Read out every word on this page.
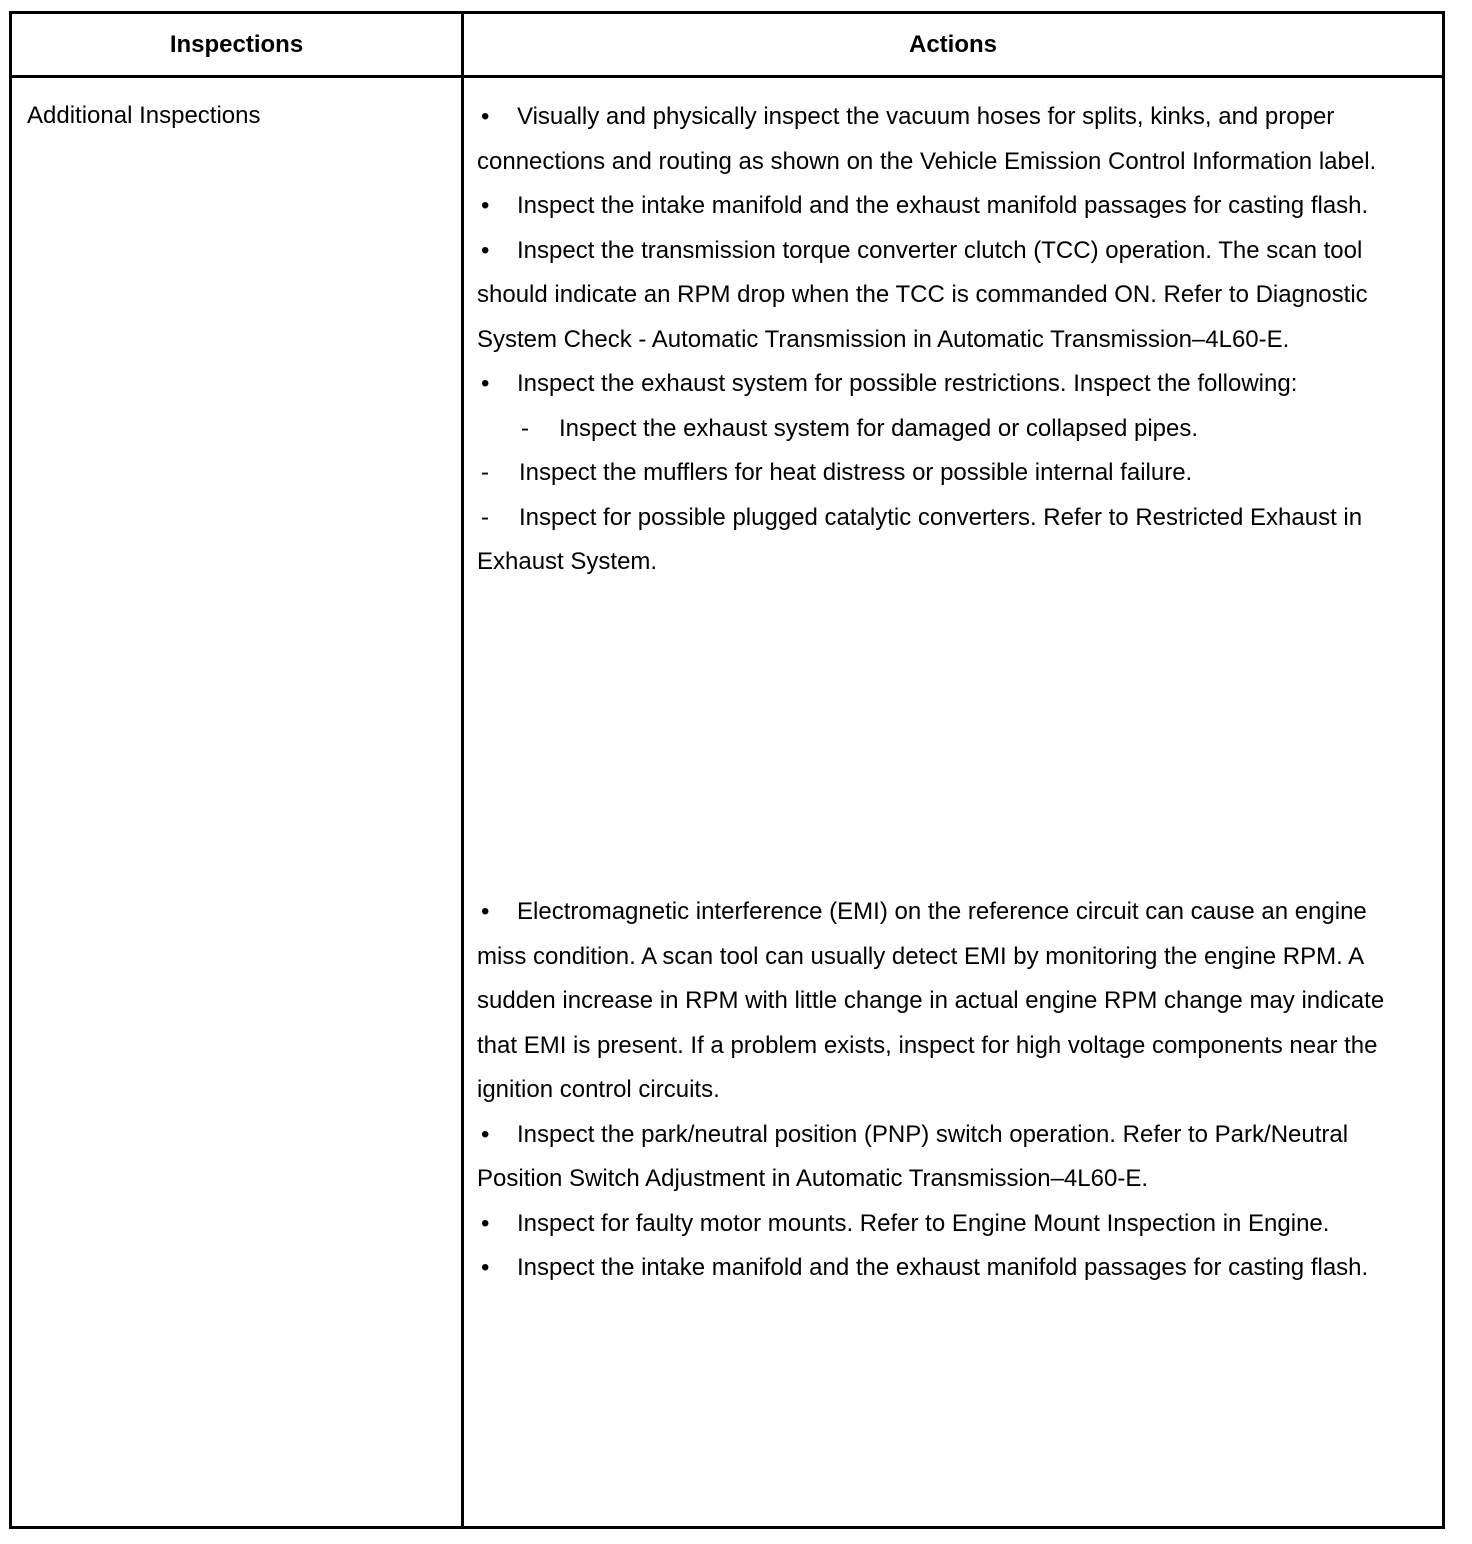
Inspections	Actions
Additional Inspections	• Visually and physically inspect the vacuum hoses for splits, kinks, and proper connections and routing as shown on the Vehicle Emission Control Information label.

• Inspect the intake manifold and the exhaust manifold passages for casting flash.

• Inspect the transmission torque converter clutch (TCC) operation. The scan tool should indicate an RPM drop when the TCC is commanded ON. Refer to Diagnostic System Check - Automatic Transmission in Automatic Transmission–4L60-E.

• Inspect the exhaust system for possible restrictions. Inspect the following:

- Inspect the exhaust system for damaged or collapsed pipes.

- Inspect the mufflers for heat distress or possible internal failure.

- Inspect for possible plugged catalytic converters. Refer to Restricted Exhaust in Exhaust System.

• Electromagnetic interference (EMI) on the reference circuit can cause an engine miss condition. A scan tool can usually detect EMI by monitoring the engine RPM. A sudden increase in RPM with little change in actual engine RPM change may indicate that EMI is present. If a problem exists, inspect for high voltage components near the ignition control circuits.

• Inspect the park/neutral position (PNP) switch operation. Refer to Park/Neutral Position Switch Adjustment in Automatic Transmission–4L60-E.

• Inspect for faulty motor mounts. Refer to Engine Mount Inspection in Engine.

• Inspect the intake manifold and the exhaust manifold passages for casting flash.
